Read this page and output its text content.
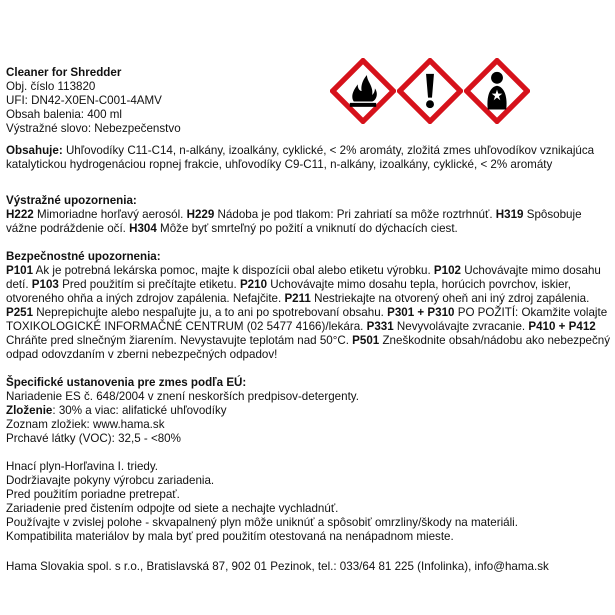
Cleaner for Shredder
Obj. číslo 113820
UFI: DN42-X0EN-C001-4AMV
Obsah balenia: 400 ml
Výstražné slovo: Nebezpečenstvo

Obsahuje: Uhľovodíky C11-C14, n-alkány, izoalkány, cyklické, < 2% aromáty, zložitá zmes uhľovodíkov vznikajúca katalytickou hydrogenáciou ropnej frakcie, uhľovodíky C9-C11, n-alkány, izoalkány, cyklické, < 2% aromáty

Výstražné upozornenia:

H222 Mimoriadne horľavý aerosól. H229 Nádoba je pod tlakom: Pri zahriatí sa môže roztrhnúť. H319 Spôsobuje vážne podráždenie očí. H304 Môže byť smrteľný po požití a vniknutí do dýchacích ciest.

Bezpečnostné upozornenia:

P101 Ak je potrebná lekárska pomoc, majte k dispozícii obal alebo etiketu výrobku. P102 Uchovávajte mimo dosahu detí. P103 Pred použitím si prečítajte etiketu. P210 Uchovávajte mimo dosahu tepla, horúcich povrchov, iskier, otvoreného ohňa a iných zdrojov zapálenia. Nefajčite. P211 Nestriekajte na otvorený oheň ani iný zdroj zapálenia. P251 Neprepichujte alebo nespaľujte ju, a to ani po spotrebovaní obsahu. P301 + P310 PO POŽITÍ: Okamžite volajte TOXIKOLOGICKÉ INFORMAČNÉ CENTRUM (02 5477 4166)/lekára. P331 Nevyvolávajte zvracanie. P410 + P412 Chráňte pred slnečným žiarením. Nevystavujte teplotám nad 50°C. P501 Zneškodnite obsah/nádobu ako nebezpečný odpad odovzdaním v zberni nebezpečných odpadov!

Špecifické ustanovenia pre zmes podľa EÚ:

Nariadenie ES č. 648/2004 v znení neskorších predpisov-detergenty.

Zloženie: 30% a viac: alifatické uhľovodíky

Zoznam zložiek: www.hama.sk

Prchavé látky (VOC): 32,5 - <80%

Hnací plyn-Horľavina I. triedy.

Dodržiavajte pokyny výrobcu zariadenia.

Pred použitím poriadne pretrepať.

Zariadenie pred čistením odpojte od siete a nechajte vychladnúť.

Používajte v zvislej polohe - skvapalnený plyn môže uniknúť a spôsobiť omrzliny/škody na materiáli.

Kompatibilita materiálov by mala byť pred použitím otestovaná na nenápadnom mieste.

Hama Slovakia spol. s r.o., Bratislavská 87, 902 01 Pezinok, tel.: 033/64 81 225 (Infolinka), info@hama.sk
